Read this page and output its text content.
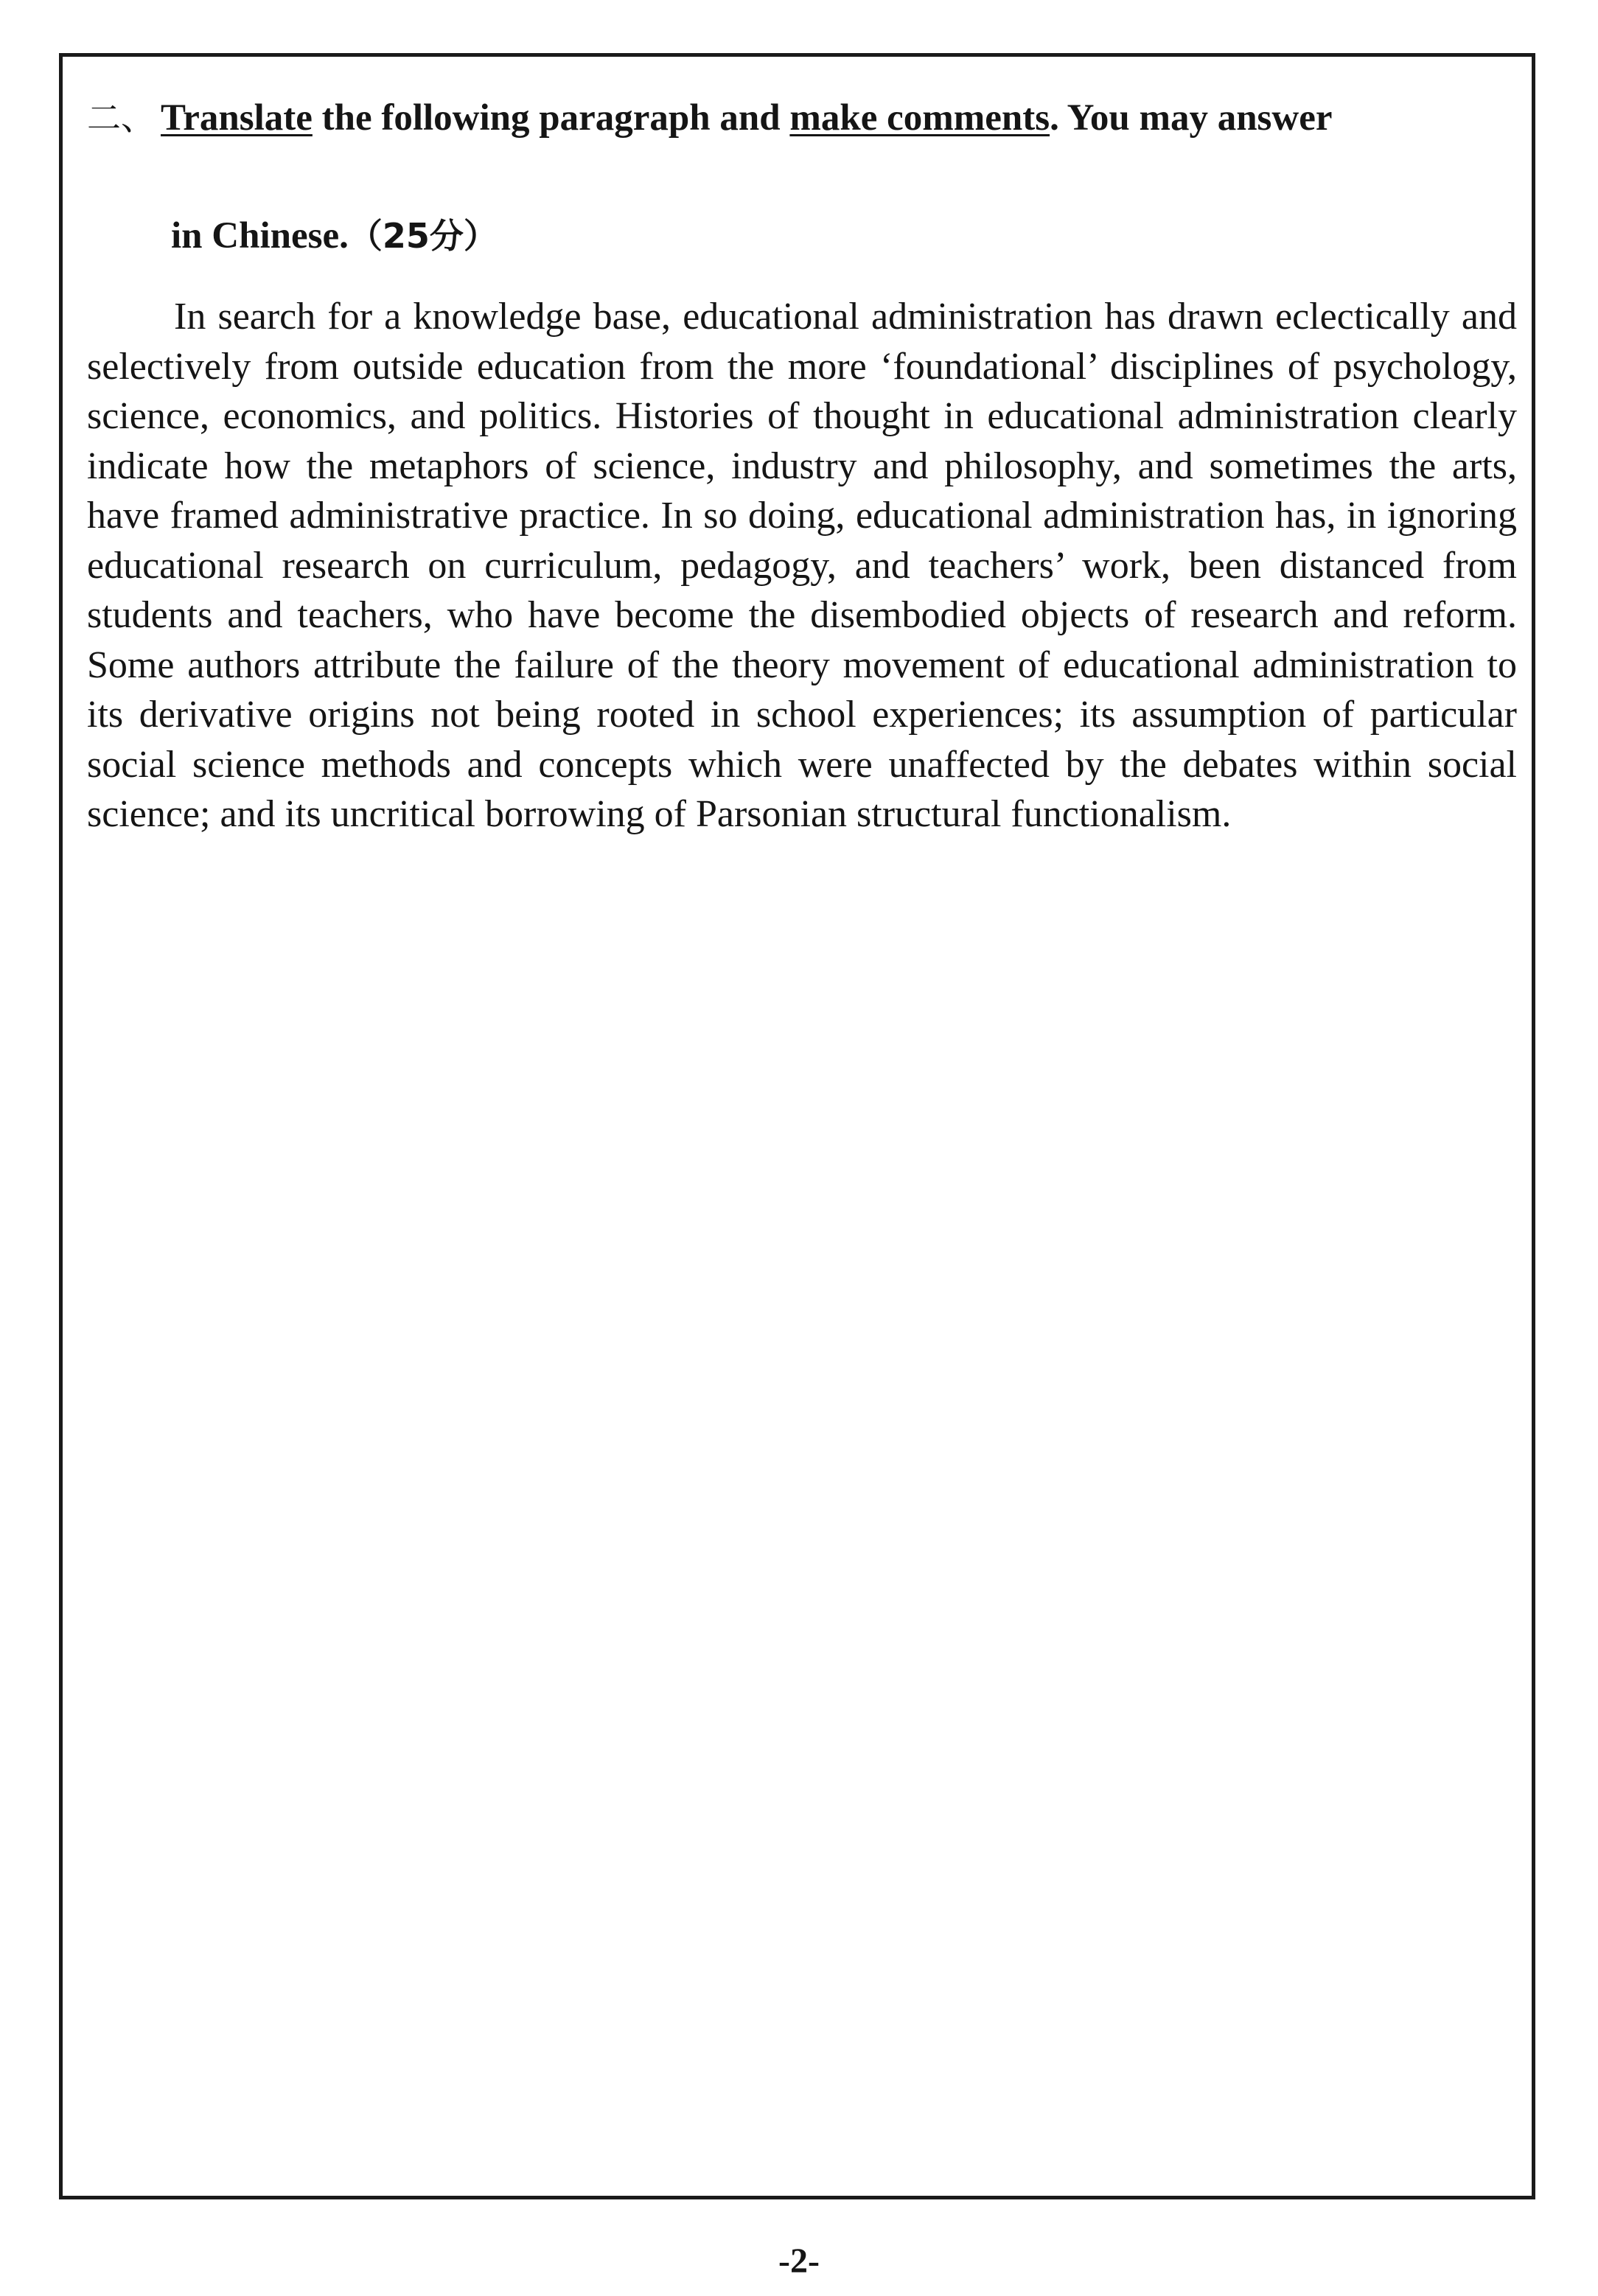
二、 Translate the following paragraph and make comments. You may answer
in Chinese.（25分）

In search for a knowledge base, educational administration has drawn eclectically and selectively from outside education from the more ‘foundational’ disciplines of psychology, science, economics, and politics. Histories of thought in educational administration clearly indicate how the metaphors of science, industry and philosophy, and sometimes the arts, have framed administrative practice. In so doing, educational administration has, in ignoring educational research on curriculum, pedagogy, and teachers’ work, been distanced from students and teachers, who have become the disembodied objects of research and reform. Some authors attribute the failure of the theory movement of educational administration to its derivative origins not being rooted in school experiences; its assumption of particular social science methods and concepts which were unaffected by the debates within social science; and its uncritical borrowing of Parsonian structural functionalism.

-2-
